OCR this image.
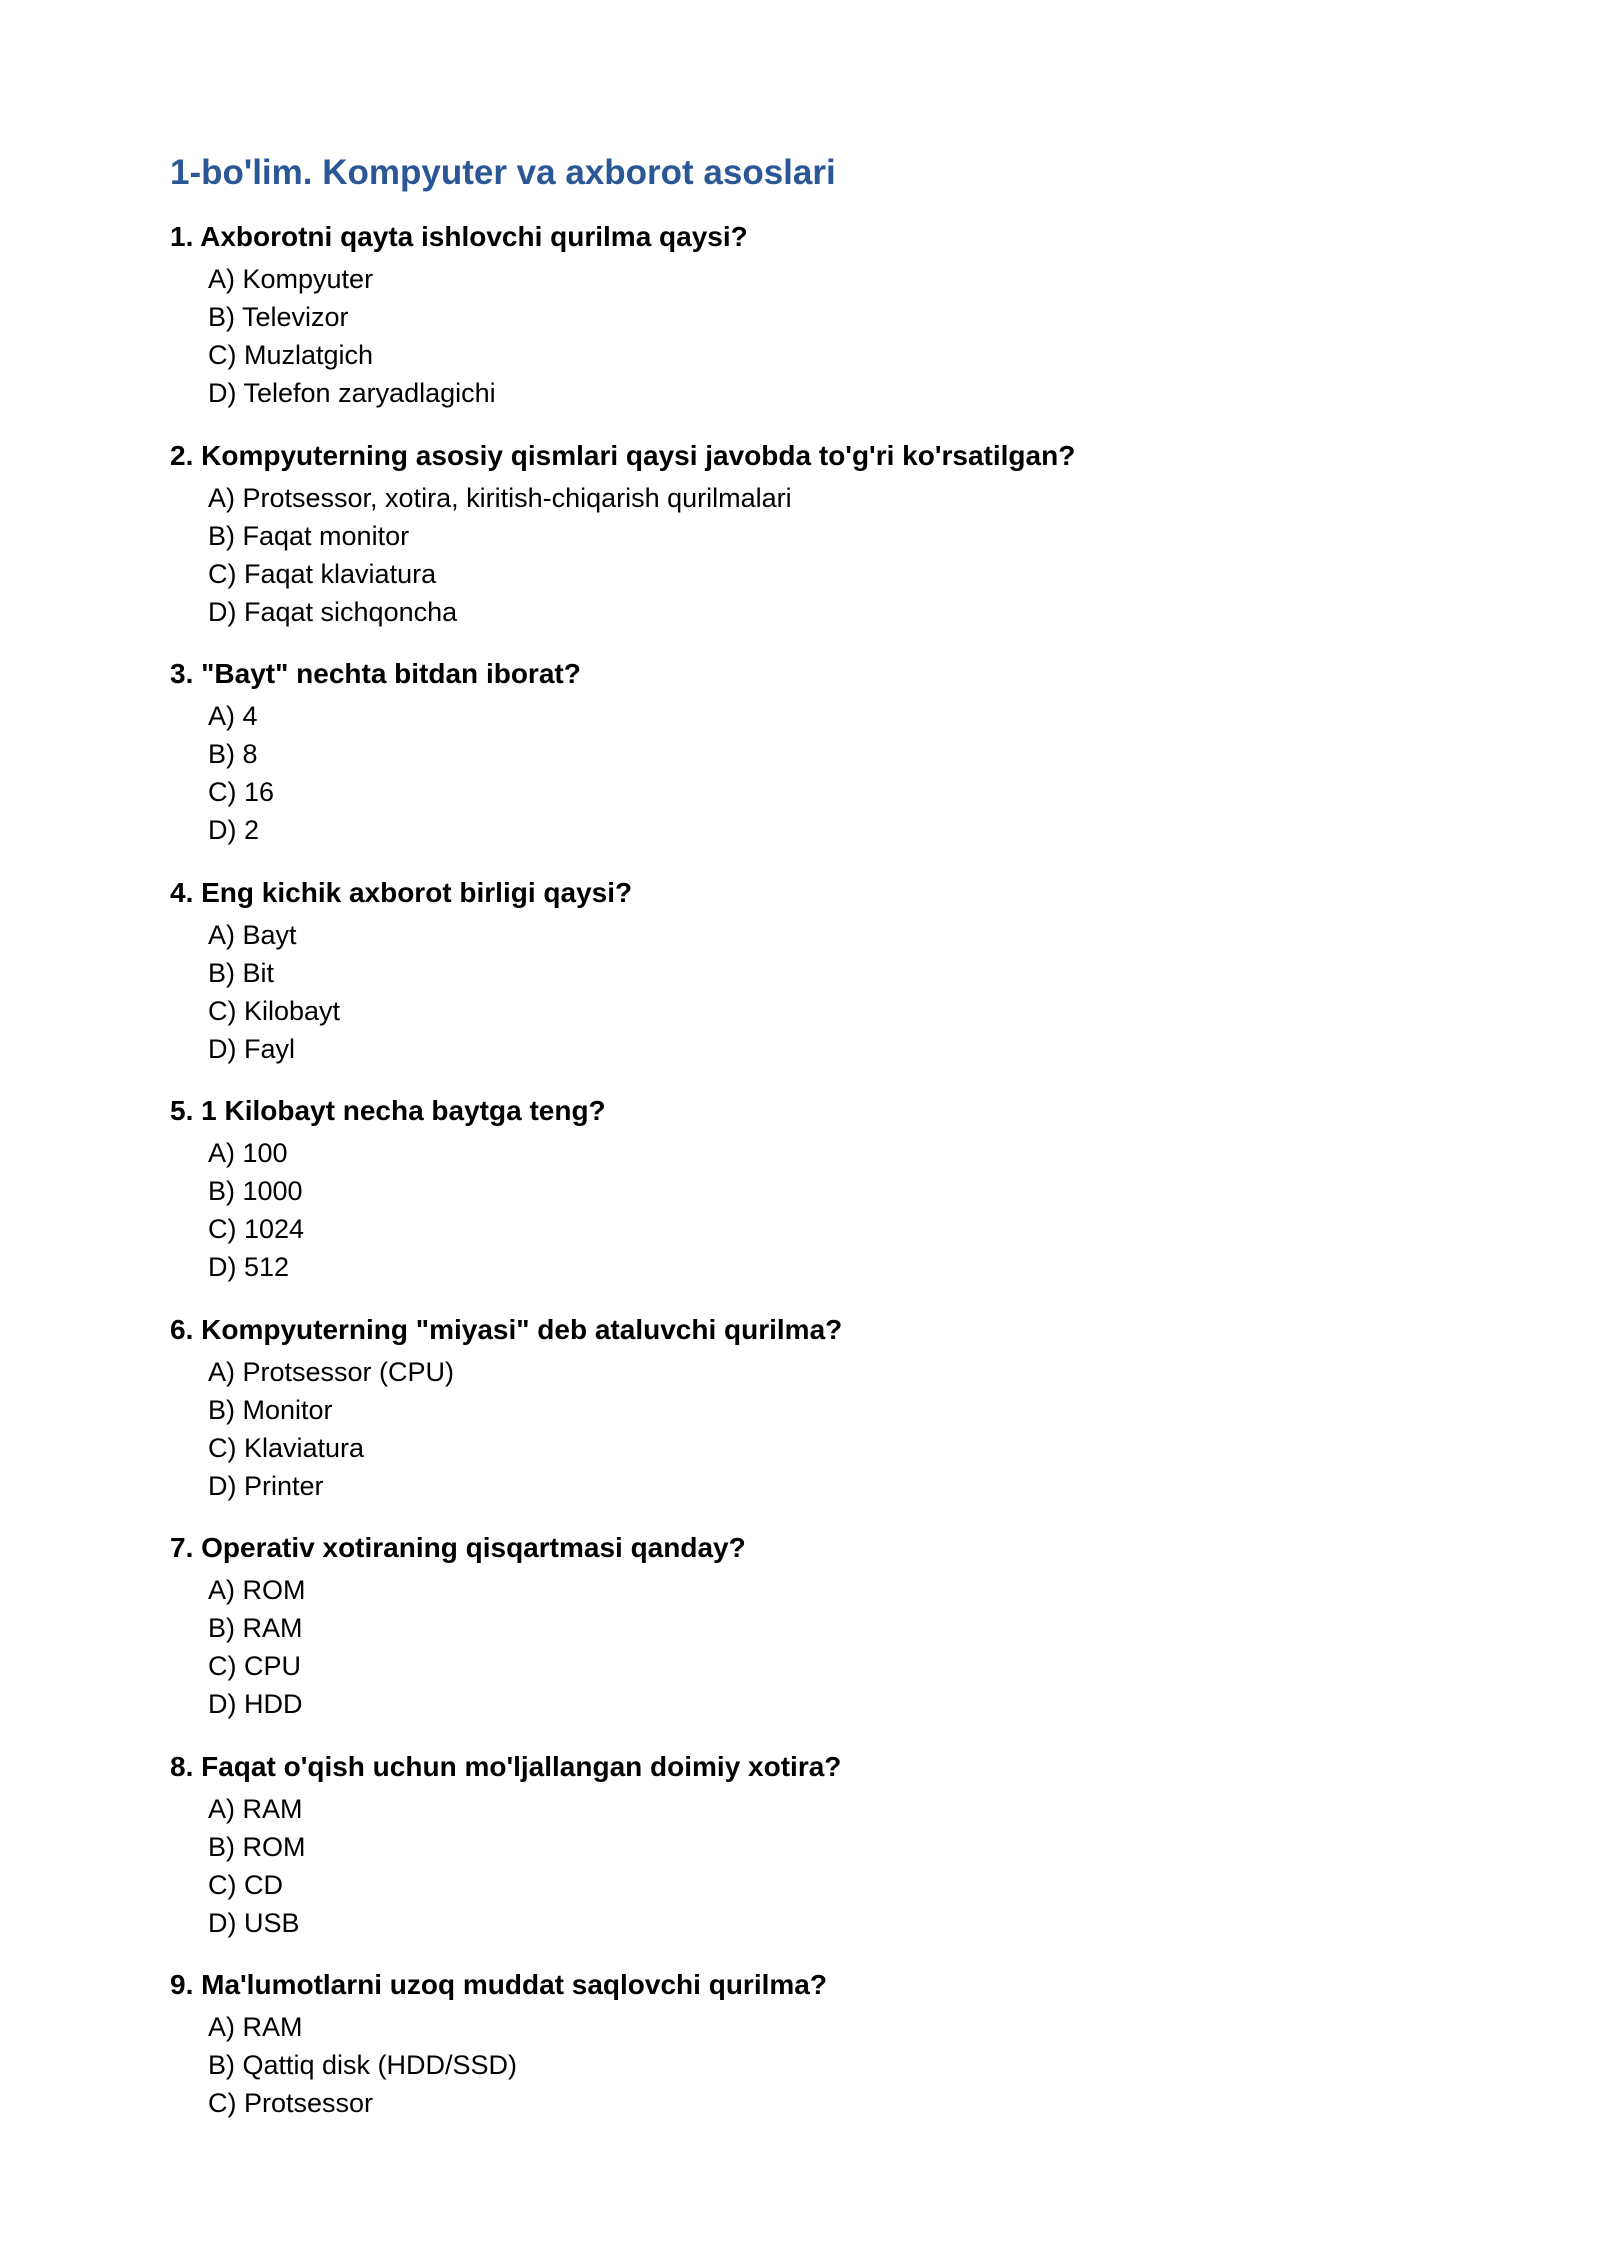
1-bo'lim. Kompyuter va axborot asoslari
1. Axborotni qayta ishlovchi qurilma qaysi?
A) Kompyuter
B) Televizor
C) Muzlatgich
D) Telefon zaryadlagichi
2. Kompyuterning asosiy qismlari qaysi javobda to'g'ri ko'rsatilgan?
A) Protsessor, xotira, kiritish-chiqarish qurilmalari
B) Faqat monitor
C) Faqat klaviatura
D) Faqat sichqoncha
3. "Bayt" nechta bitdan iborat?
A) 4
B) 8
C) 16
D) 2
4. Eng kichik axborot birligi qaysi?
A) Bayt
B) Bit
C) Kilobayt
D) Fayl
5. 1 Kilobayt necha baytga teng?
A) 100
B) 1000
C) 1024
D) 512
6. Kompyuterning "miyasi" deb ataluvchi qurilma?
A) Protsessor (CPU)
B) Monitor
C) Klaviatura
D) Printer
7. Operativ xotiraning qisqartmasi qanday?
A) ROM
B) RAM
C) CPU
D) HDD
8. Faqat o'qish uchun mo'ljallangan doimiy xotira?
A) RAM
B) ROM
C) CD
D) USB
9. Ma'lumotlarni uzoq muddat saqlovchi qurilma?
A) RAM
B) Qattiq disk (HDD/SSD)
C) Protsessor
